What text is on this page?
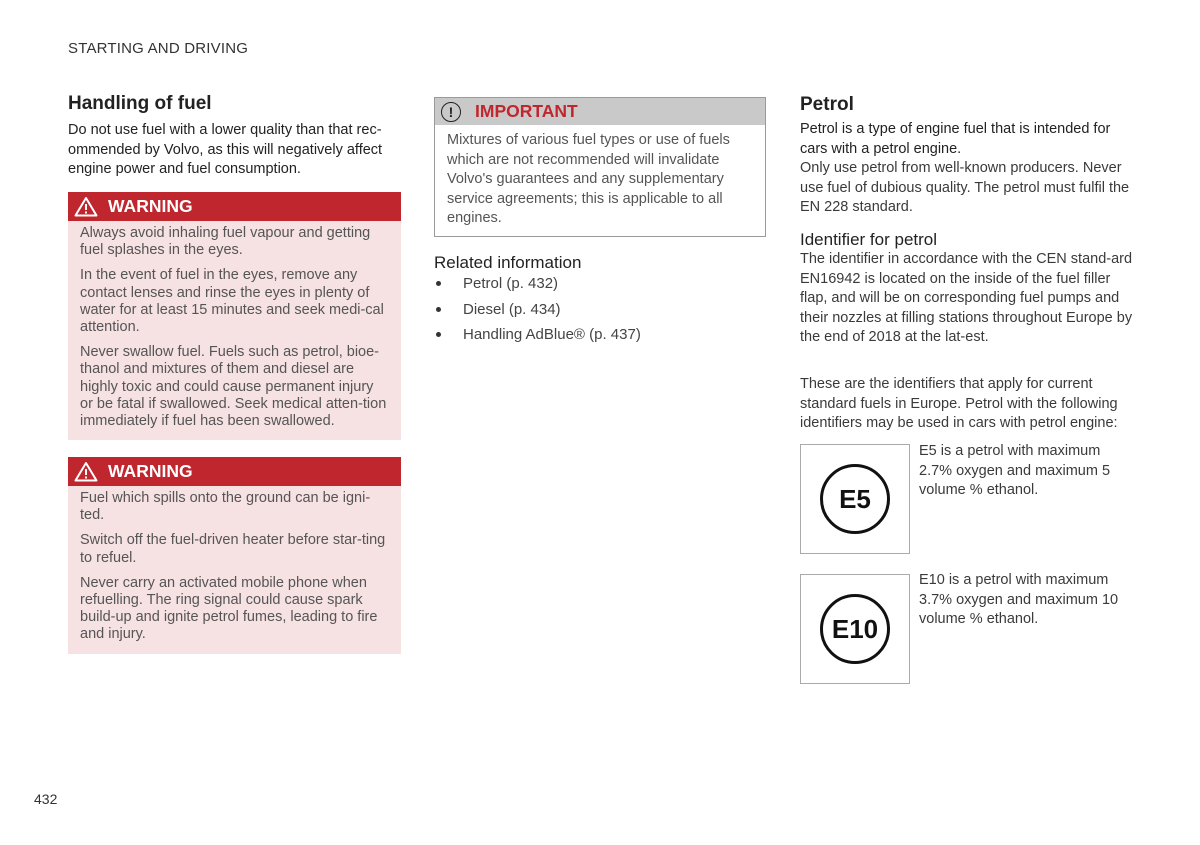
STARTING AND DRIVING
Handling of fuel

Do not use fuel with a lower quality than that rec-ommended by Volvo, as this will negatively affect engine power and fuel consumption.

WARNING

Always avoid inhaling fuel vapour and getting fuel splashes in the eyes.

In the event of fuel in the eyes, remove any contact lenses and rinse the eyes in plenty of water for at least 15 minutes and seek medi-cal attention.

Never swallow fuel. Fuels such as petrol, bioe-thanol and mixtures of them and diesel are highly toxic and could cause permanent injury or be fatal if swallowed. Seek medical atten-tion immediately if fuel has been swallowed.

WARNING

Fuel which spills onto the ground can be igni-ted.

Switch off the fuel-driven heater before star-ting to refuel.

Never carry an activated mobile phone when refuelling. The ring signal could cause spark build-up and ignite petrol fumes, leading to fire and injury.

!	IMPORTANT
Mixtures of various fuel types or use of fuels which are not recommended will invalidate Volvo's guarantees and any supplementary service agreements; this is applicable to all engines.
Related information
Petrol (p. 432)
Diesel (p. 434)
Handling AdBlue® (p. 437)
Petrol

Petrol is a type of engine fuel that is intended for cars with a petrol engine.

Only use petrol from well-known producers. Never use fuel of dubious quality. The petrol must fulfil the EN 228 standard.

Identifier for petrol

The identifier in accordance with the CEN stand-ard EN16942 is located on the inside of the fuel filler flap, and will be on corresponding fuel pumps and their nozzles at filling stations throughout Europe by the end of 2018 at the lat-est.

These are the identifiers that apply for current standard fuels in Europe. Petrol with the following identifiers may be used in cars with petrol engine:

E5

E5 is a petrol with maximum 2.7% oxygen and maximum 5 volume % ethanol.

E10

E10 is a petrol with maximum 3.7% oxygen and maximum 10 volume % ethanol.

432
